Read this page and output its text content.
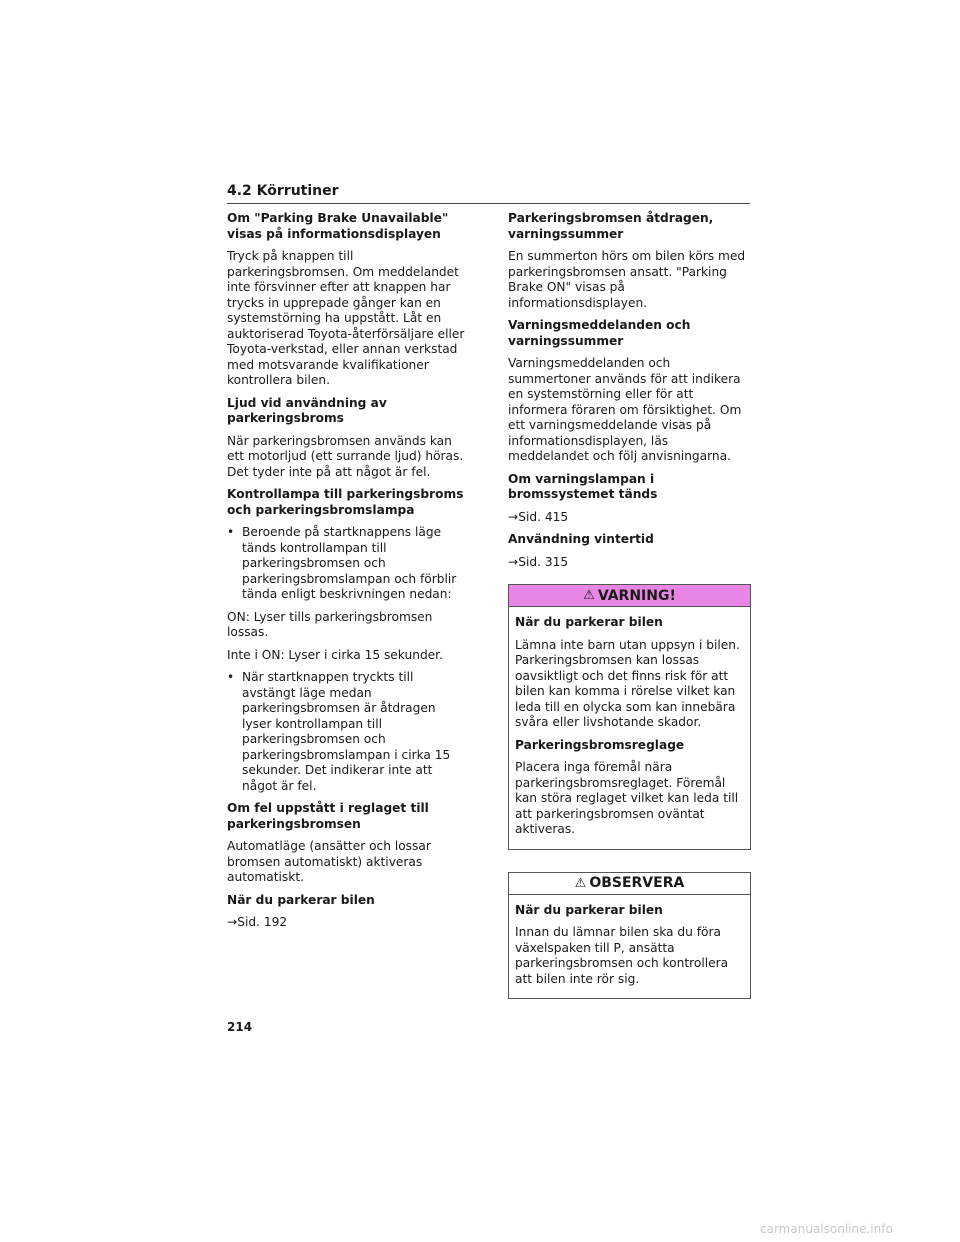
4.2 Körrutiner
Om "Parking Brake Unavailable" visas på informationsdisplayen
Tryck på knappen till parkeringsbromsen. Om meddelandet inte försvinner efter att knappen har trycks in upprepade gånger kan en systemstörning ha uppstått. Låt en auktoriserad Toyota-återförsäljare eller Toyota-verkstad, eller annan verkstad med motsvarande kvalifikationer kontrollera bilen.
Ljud vid användning av parkeringsbroms
När parkeringsbromsen används kan ett motorljud (ett surrande ljud) höras. Det tyder inte på att något är fel.
Kontrollampa till parkeringsbroms och parkeringsbromslampa
• Beroende på startknappens läge tänds kontrollampan till parkeringsbromsen och parkeringsbromslampan och förblir tända enligt beskrivningen nedan:
ON: Lyser tills parkeringsbromsen lossas.
Inte i ON: Lyser i cirka 15 sekunder.
• När startknappen tryckts till avstängt läge medan parkeringsbromsen är åtdragen lyser kontrollampan till parkeringsbromsen och parkeringsbromslampan i cirka 15 sekunder. Det indikerar inte att något är fel.
Om fel uppstått i reglaget till parkeringsbromsen
Automatläge (ansätter och lossar bromsen automatiskt) aktiveras automatiskt.
När du parkerar bilen
→Sid. 192
Parkeringsbromsen åtdragen, varningssummer
En summerton hörs om bilen körs med parkeringsbromsen ansatt. "Parking Brake ON" visas på informationsdisplayen.
Varningsmeddelanden och varningssummer
Varningsmeddelanden och summertoner används för att indikera en systemstörning eller för att informera föraren om försiktighet. Om ett varningsmeddelande visas på informationsdisplayen, läs meddelandet och följ anvisningarna.
Om varningslampan i bromssystemet tänds
→Sid. 415
Användning vintertid
→Sid. 315
⚠ VARNING!
När du parkerar bilen
Lämna inte barn utan uppsyn i bilen. Parkeringsbromsen kan lossas oavsiktligt och det finns risk för att bilen kan komma i rörelse vilket kan leda till en olycka som kan innebära svåra eller livshotande skador.
Parkeringsbromsreglage
Placera inga föremål nära parkeringsbromsreglaget. Föremål kan störa reglaget vilket kan leda till att parkeringsbromsen oväntat aktiveras.
⚠ OBSERVERA
När du parkerar bilen
Innan du lämnar bilen ska du föra växelspaken till P, ansätta parkeringsbromsen och kontrollera att bilen inte rör sig.
214
carmanualsonline.info
